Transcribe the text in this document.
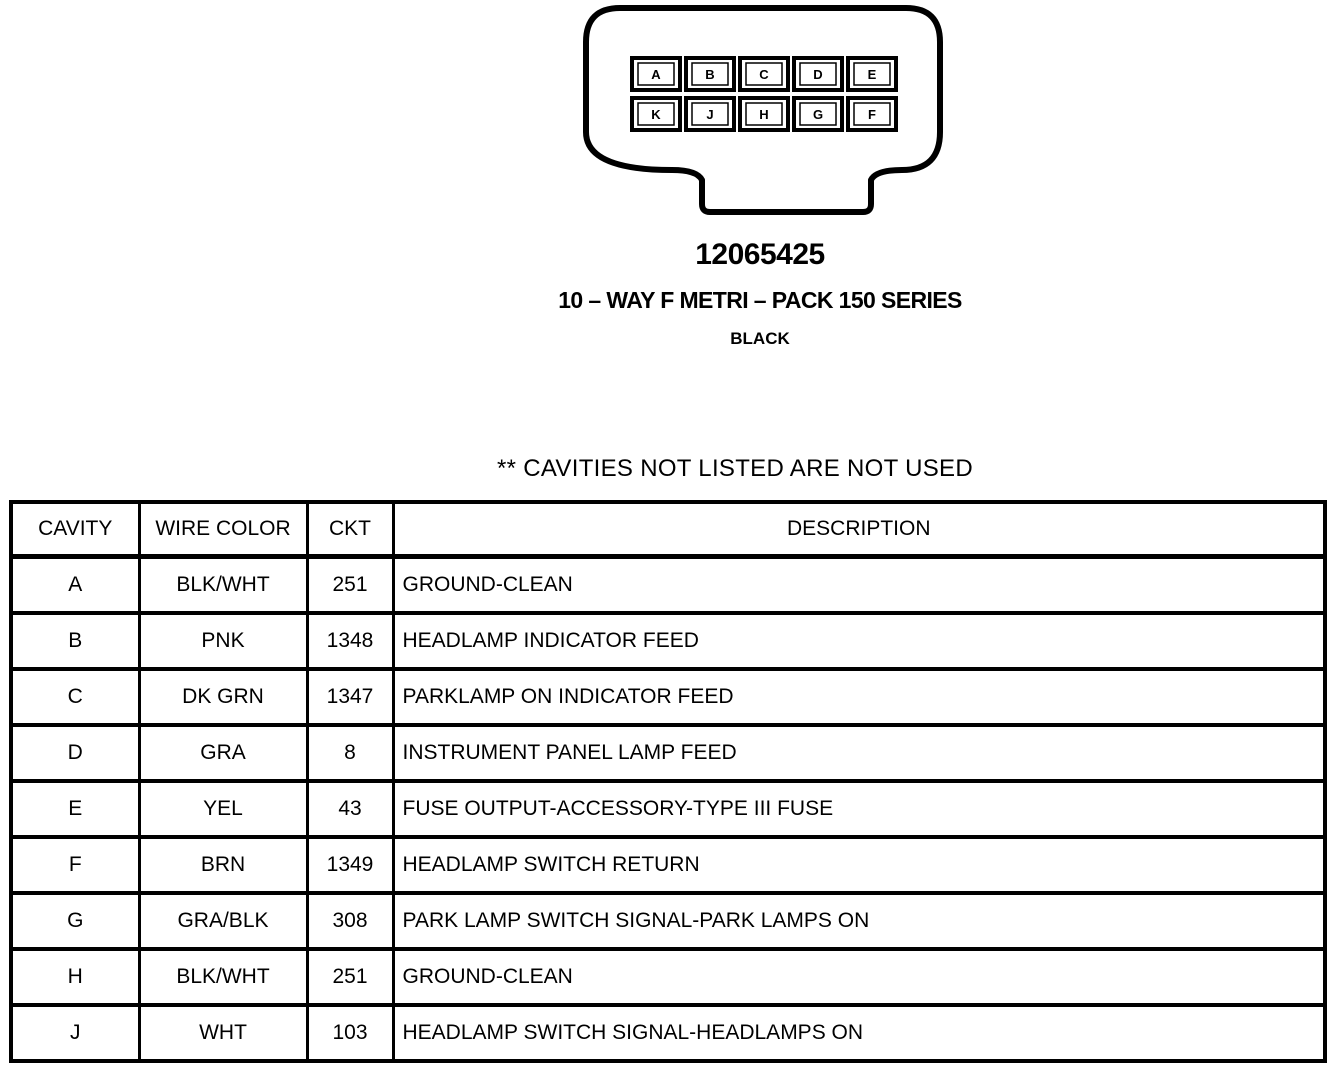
A	B	C	D	E
K	J	H	G	F
12065425
10 – WAY F METRI – PACK 150 SERIES
BLACK
** CAVITIES NOT LISTED ARE NOT USED
CAVITY	WIRE COLOR	CKT	DESCRIPTION
A	BLK/WHT	251	GROUND-CLEAN
B	PNK	1348	HEADLAMP INDICATOR FEED
C	DK GRN	1347	PARKLAMP ON INDICATOR FEED
D	GRA	8	INSTRUMENT PANEL LAMP FEED
E	YEL	43	FUSE OUTPUT-ACCESSORY-TYPE III FUSE
F	BRN	1349	HEADLAMP SWITCH RETURN
G	GRA/BLK	308	PARK LAMP SWITCH SIGNAL-PARK LAMPS ON
H	BLK/WHT	251	GROUND-CLEAN
J	WHT	103	HEADLAMP SWITCH SIGNAL-HEADLAMPS ON
